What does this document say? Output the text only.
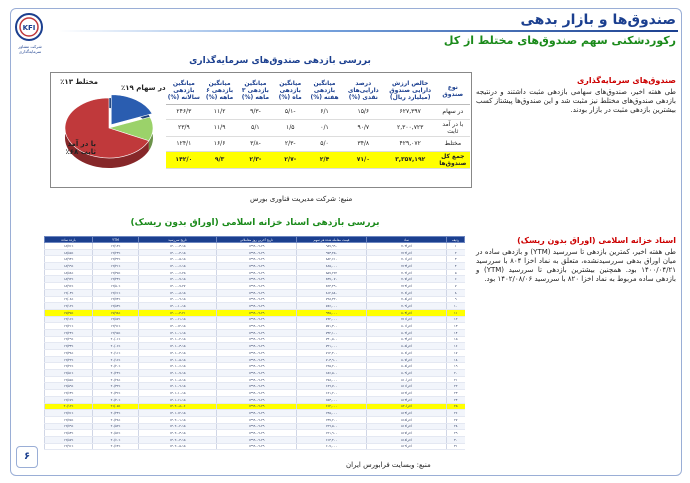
KFI
شرکت مشاور سرمایه‌گذاری
صندوق‌ها و بازار بدهی
رکوردشکنی سهم صندوق‌های مختلط از کل
بررسی بازدهی صندوق‌های سرمایه‌گذاری
در سهام ۱۹٪
مختلط ۱۳٪
با در آمد ثابت ۶۸٪
نوع صندوق	خالص ارزش دارایی صندوق (میلیارد ریال)	درصد دارایی‌های نقدی (%)	میانگین بازدهی هفته (%)	میانگین بازدهی ماه (%)	میانگین بازدهی ۳ ماهه (%)	میانگین بازدهی ۶ ماهه (%)	میانگین بازدهی سالانه (%)
در سهام	۶۲۷,۳۹۷	۱۵/۶	۶/۱	-۵/۱	-۹/۳	۱۱/۲	۲۴۶/۳
با در آمد ثابت	۲,۳۰۰,۷۲۳	۹۰/۷	۰/۱	۱/۵	۵/۱	۱۱/۹	۲۳/۹
مختلط	۴۲۹,۰۷۲	۳۴/۸	۵/۰	-۲/۳	-۳/۸	۱۶/۶	۱۲۴/۱
جمع کل صندوق‌ها	۳,۳۵۷,۱۹۲	۷۱/۰	۲/۴	-۲/۷	-۲/۳	۹/۳	۱۴۲/۰
منبع: شرکت مدیریت فناوری بورس
صندوق‌های سرمایه‌گذاری
طی هفته اخیر، صندوق‌های سهامی بازدهی مثبت داشتند و درنتیجه بازدهی صندوق‌های مختلط نیز مثبت شد و این صندوق‌ها پیشتاز کسب بیشترین بازدهی مثبت در بازار بودند.
بررسی بازدهی اسناد خزانه اسلامی (اوراق بدون ریسک)
ردیف	نماد	قیمت معامله شده هر سهم	تاریخ آخرین روز معاملاتی	تاریخ سررسید	YTM	بازده ساده
۱	اخزا۷۰۳	۹۸۷,۹۹۰	۱۳۹۹-۰۹-۲۹	۱۴۰۰-۰۳-۱۵	۱۹/۱۴٪	۱۸/۷۱٪
۲	اخزا۷۱۲	۹۷۳,۴۵۰	۱۳۹۹-۰۹-۲۹	۱۴۰۰-۰۴-۱۵	۱۹/۲۳٪	۱۸/۸۵٪
۳	اخزا۷۰۱	۸۸۲,۶۱۰	۱۳۹۹-۰۹-۲۹	۱۴۰۰-۰۵-۱۵	۱۹/۳۲٪	۱۸/۹۴٪
۴	اخزا۷۱۳	۸۶۵,۰۰۰	۱۳۹۹-۰۹-۲۹	۱۴۰۰-۰۶-۱۵	۱۹/۴۱٪	۱۸/۹۹٪
۵	اخزا۷۰۲	۸۵۷,۲۶۲	۱۳۹۹-۰۹-۲۹	۱۴۰۰-۰۶-۲۵	۱۹/۳۵٪	۱۸/۸۸٪
۶	اخزا۷۰۷	۸۳۷,۰۷۰	۱۳۹۹-۰۹-۲۹	۱۴۰۰-۰۷-۱۵	۱۹/۴۴٪	۱۸/۹۲٪
۷	اخزا۷۱۴	۸۲۴,۴۹۰	۱۳۹۹-۰۹-۲۹	۱۴۰۰-۰۷-۲۷	۱۹/۵۰٪	۱۸/۹۶٪
۸	اخزا۷۰۶	۸۱۲,۸۸۰	۱۳۹۹-۰۹-۲۹	۱۴۰۰-۰۸-۱۵	۱۹/۶۱٪	۱۹/۰۳٪
۹	اخزا۷۰۸	۷۹۸,۳۲۰	۱۳۹۹-۰۹-۲۹	۱۴۰۰-۰۹-۱۵	۱۹/۷۴٪	۱۹/۰۸٪
۱۰	اخزا۷۰۹	۷۸۶,۰۰۰	۱۳۹۹-۰۹-۲۹	۱۴۰۰-۱۰-۱۵	۱۹/۸۳٪	۱۹/۱۲٪
۱۱	اخزا۸۰۴	۹۴۵,۰۰۰	۱۳۹۹-۰۹-۲۹	۱۴۰۰-۰۴-۲۱	۱۷/۹۸٪	۱۷/۳۵٪
۱۲	اخزا۷۱۱	۷۶۲,۰۰۰	۱۳۹۹-۰۹-۲۹	۱۴۰۰-۱۱-۱۵	۱۹/۸۷٪	۱۹/۱۶٪
۱۳	اخزا۸۰۱	۷۵۱,۳۰۰	۱۳۹۹-۰۹-۲۹	۱۴۰۰-۱۲-۱۵	۱۹/۹۱٪	۱۹/۲۱٪
۱۴	اخزا۸۰۲	۷۴۲,۱۰۰	۱۳۹۹-۰۹-۲۹	۱۴۰۱-۰۱-۱۵	۱۹/۹۵٪	۱۹/۲۴٪
۱۵	اخزا۸۰۳	۷۳۰,۵۰۰	۱۳۹۹-۰۹-۲۹	۱۴۰۱-۰۲-۱۵	۲۰/۰۱٪	۱۹/۲۹٪
۱۶	اخزا۸۰۵	۷۲۱,۰۰۰	۱۳۹۹-۰۹-۲۹	۱۴۰۱-۰۳-۱۵	۲۰/۰۶٪	۱۹/۳۳٪
۱۷	اخزا۸۰۶	۷۱۲,۴۰۰	۱۳۹۹-۰۹-۲۹	۱۴۰۱-۰۴-۱۵	۲۰/۱۱٪	۱۹/۳۸٪
۱۸	اخزا۸۰۷	۷۰۳,۹۰۰	۱۳۹۹-۰۹-۲۹	۱۴۰۱-۰۵-۱۵	۲۰/۱۶٪	۱۹/۴۲٪
۱۹	اخزا۸۰۸	۶۹۵,۲۰۰	۱۳۹۹-۰۹-۲۹	۱۴۰۱-۰۶-۱۵	۲۰/۲۰٪	۱۹/۴۶٪
۲۰	اخزا۸۰۹	۶۸۶,۵۰۰	۱۳۹۹-۰۹-۲۹	۱۴۰۱-۰۷-۱۵	۲۰/۲۴٪	۱۹/۵۱٪
۲۱	اخزا۸۱۰	۶۷۸,۰۰۰	۱۳۹۹-۰۹-۲۹	۱۴۰۱-۰۸-۱۵	۲۰/۲۸٪	۱۹/۵۵٪
۲۲	اخزا۸۱۱	۶۶۹,۷۰۰	۱۳۹۹-۰۹-۲۹	۱۴۰۱-۰۹-۱۵	۲۰/۳۲٪	۱۹/۵۹٪
۲۳	اخزا۸۱۲	۶۶۱,۲۰۰	۱۳۹۹-۰۹-۲۹	۱۴۰۱-۱۰-۱۵	۲۰/۳۶٪	۱۹/۶۳٪
۲۴	اخزا۸۱۳	۶۵۳,۰۰۰	۱۳۹۹-۰۹-۲۹	۱۴۰۱-۱۱-۱۵	۲۰/۴۰٪	۱۹/۶۷٪
۲۵	اخزا۸۲۰	۶۱۲,۰۰۰	۱۳۹۹-۰۹-۲۹	۱۴۰۲-۰۸-۰۶	۲۱/۰۵٪	۲۰/۱۲٪
۲۶	اخزا۸۱۴	۶۴۵,۰۰۰	۱۳۹۹-۰۹-۲۹	۱۴۰۱-۱۲-۱۵	۲۰/۴۴٪	۱۹/۷۱٪
۲۷	اخزا۸۱۵	۶۳۷,۲۰۰	۱۳۹۹-۰۹-۲۹	۱۴۰۲-۰۱-۱۵	۲۰/۴۸٪	۱۹/۷۵٪
۲۸	اخزا۸۱۶	۶۲۹,۵۰۰	۱۳۹۹-۰۹-۲۹	۱۴۰۲-۰۲-۱۵	۲۰/۵۲٪	۱۹/۷۹٪
۲۹	اخزا۸۱۷	۶۲۱,۹۰۰	۱۳۹۹-۰۹-۲۹	۱۴۰۲-۰۳-۱۵	۲۰/۵۶٪	۱۹/۸۳٪
۳۰	اخزا۸۱۸	۶۱۴,۴۰۰	۱۳۹۹-۰۹-۲۹	۱۴۰۲-۰۴-۱۵	۲۰/۶۰٪	۱۹/۸۷٪
۳۱	اخزا۸۱۹	۶۰۷,۰۰۰	۱۳۹۹-۰۹-۲۹	۱۴۰۲-۰۵-۱۵	۲۰/۶۴٪	۱۹/۹۱٪
منبع: وبسایت فرابورس ایران
اسناد خزانه اسلامی (اوراق بدون ریسک)
طی هفته اخیر، کمترین بازدهی تا سررسید (YTM) و بازدهی ساده در میان اوراق بدهی سررسیدنشده، متعلق به نماد اخزا ۸۰۴ با سررسید ۱۴۰۰/۰۴/۲۱ بود. همچنین بیشترین بازدهی تا سررسید (YTM) و بازدهی ساده مربوط به نماد اخزا ۸۲۰ با سررسید ۱۴۰۲/۰۸/۰۶ بود.
۶
